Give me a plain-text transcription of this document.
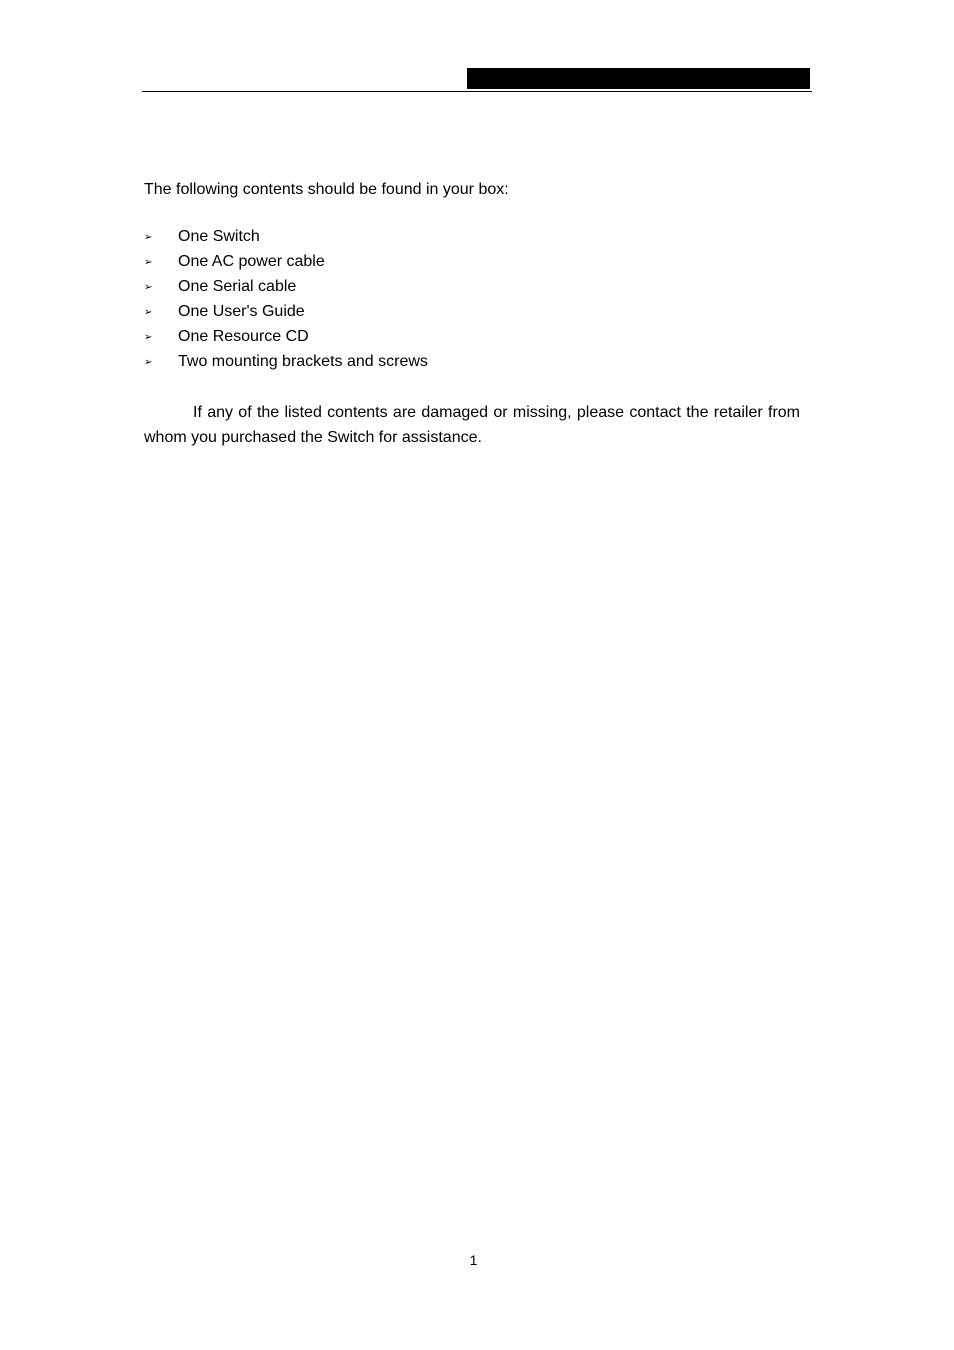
The following contents should be found in your box:
➢ One Switch
➢ One AC power cable
➢ One Serial cable
➢ One User's Guide
➢ One Resource CD
➢ Two mounting brackets and screws

If any of the listed contents are damaged or missing, please contact the retailer from whom you purchased the Switch for assistance.

1
